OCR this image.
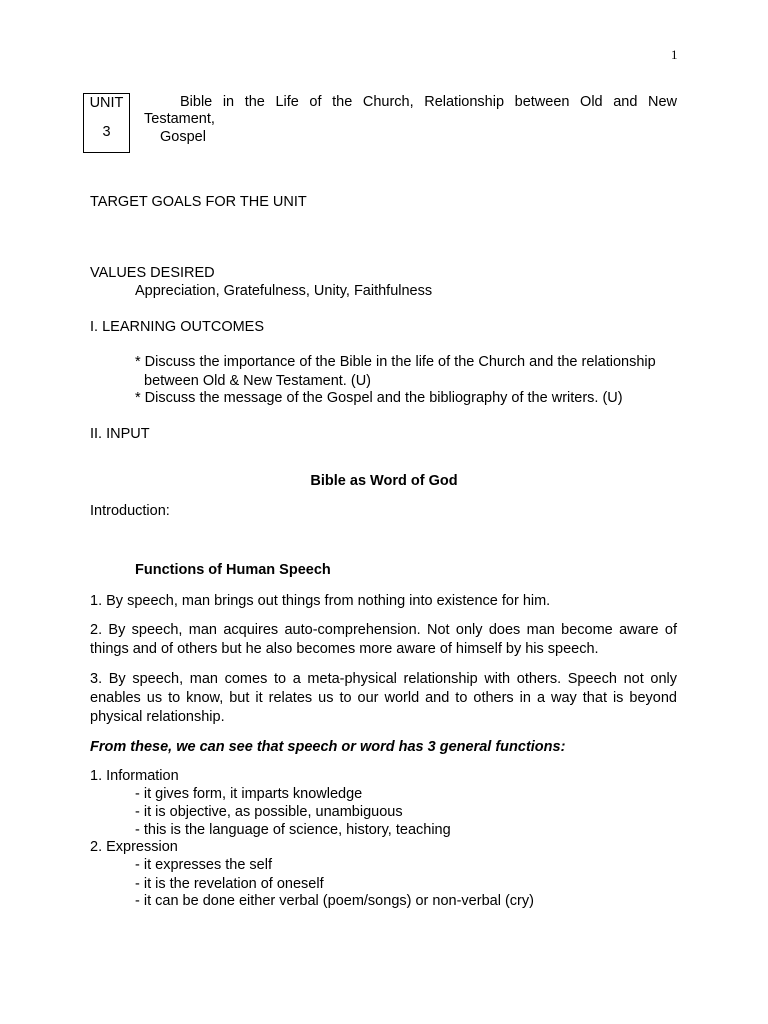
1
UNIT
3
Bible in the Life of the Church, Relationship between Old and New
Testament,
Gospel
TARGET GOALS FOR THE UNIT
VALUES DESIRED
Appreciation, Gratefulness, Unity, Faithfulness
I. LEARNING OUTCOMES
* Discuss the importance of the Bible in the life of the Church and the relationship
between Old & New Testament. (U)
* Discuss the message of the Gospel and the bibliography of the writers. (U)
II. INPUT
Bible as Word of God
Introduction:
Functions of Human Speech
1. By speech, man brings out things from nothing into existence for him.
2. By speech, man acquires auto-comprehension. Not only does man become aware of things and of others but he also becomes more aware of himself by his speech.
3. By speech, man comes to a meta-physical relationship with others. Speech not only enables us to know, but it relates us to our world and to others in a way that is beyond physical relationship.
From these, we can see that speech or word has 3 general functions:
1. Information
- it gives form, it imparts knowledge
- it is objective, as possible, unambiguous
- this is the language of science, history, teaching
2. Expression
- it expresses the self
- it is the revelation of oneself
- it can be done either verbal (poem/songs) or non-verbal (cry)
